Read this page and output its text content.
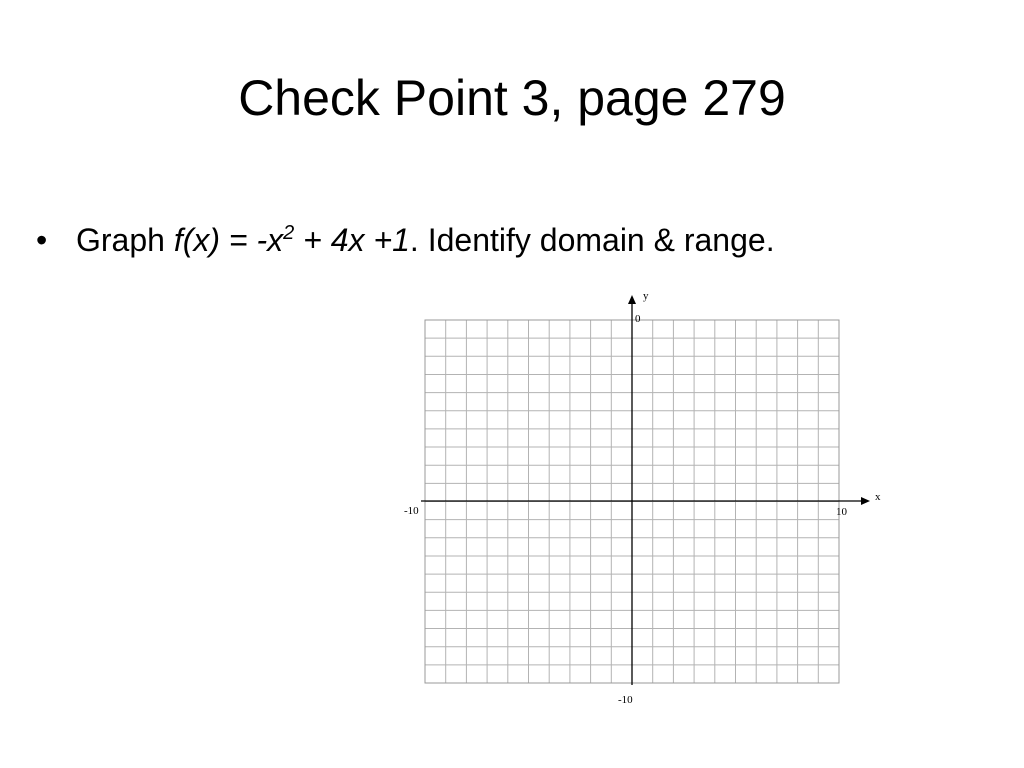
Check Point 3, page 279
• Graph $f(x) = -x^2 + 4x +1$. Identify domain & range.
x
y
-10	10
-10
0
